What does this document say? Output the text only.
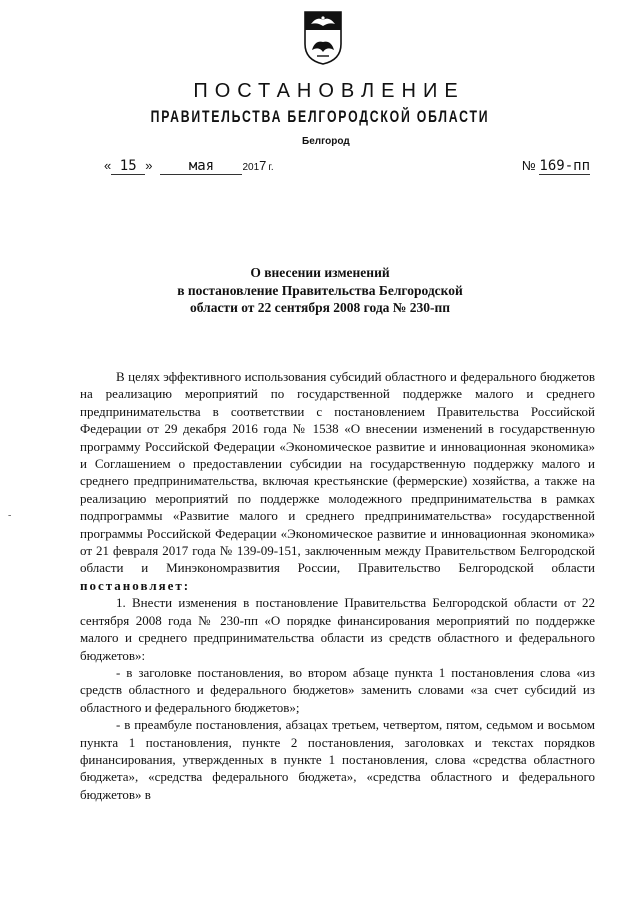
ПОСТАНОВЛЕНИЕ
ПРАВИТЕЛЬСТВА БЕЛГОРОДСКОЙ ОБЛАСТИ
Белгород
« 15 »	мая	2017 г.	№ 169-пп
О внесении изменений
в постановление Правительства Белгородской
области от 22 сентября 2008 года № 230-пп
-

В целях эффективного использования субсидий областного и федерального бюджетов на реализацию мероприятий по государственной поддержке малого и среднего предпринимательства в соответствии с постановлением Правительства Российской Федерации от 29 декабря 2016 года № 1538 «О внесении изменений в государственную программу Российской Федерации «Экономическое развитие и инновационная экономика» и Соглашением о предоставлении субсидии на государственную поддержку малого и среднего предпринимательства, включая крестьянские (фермерские) хозяйства, а также на реализацию мероприятий по поддержке молодежного предпринимательства в рамках подпрограммы «Развитие малого и среднего предпринимательства» государственной программы Российской Федерации «Экономическое развитие и инновационная экономика» от 21 февраля 2017 года № 139-09-151, заключенным между Правительством Белгородской области и Минэкономразвития России, Правительство Белгородской области постановляет:

1. Внести изменения в постановление Правительства Белгородской области от 22 сентября 2008 года № 230-пп «О порядке финансирования мероприятий по поддержке малого и среднего предпринимательства области из средств областного и федерального бюджетов»:

- в заголовке постановления, во втором абзаце пункта 1 постановления слова «из средств областного и федерального бюджетов» заменить словами «за счет субсидий из областного и федерального бюджетов»;

- в преамбуле постановления, абзацах третьем, четвертом, пятом, седьмом и восьмом пункта 1 постановления, пункте 2 постановления, заголовках и текстах порядков финансирования, утвержденных в пункте 1 постановления, слова «средства областного бюджета», «средства федерального бюджета», «средства областного и федерального бюджетов» в
